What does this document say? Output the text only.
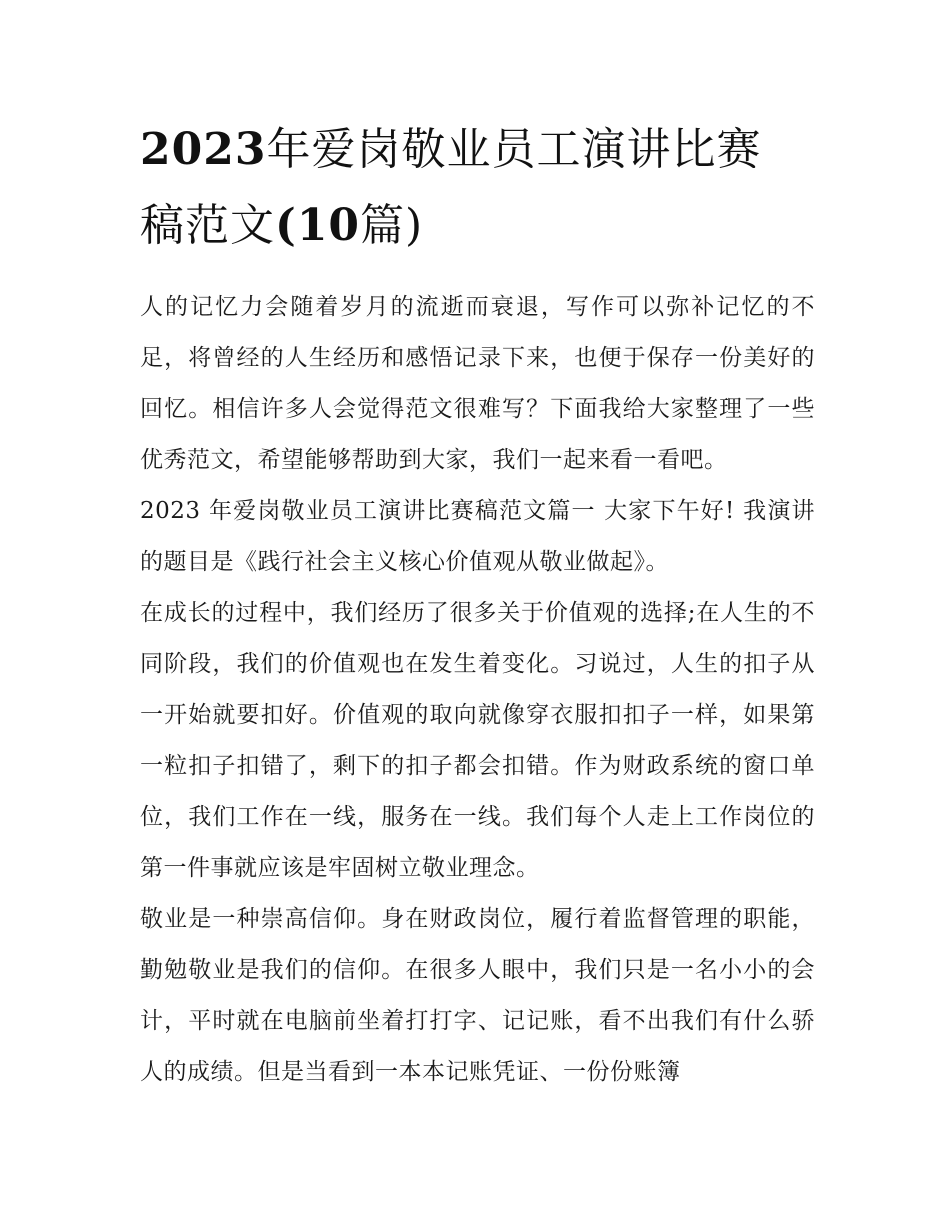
2023年爱岗敬业员工演讲比赛
稿范文(10篇)

人的记忆力会随着岁月的流逝而衰退，写作可以弥补记忆的不足，将曾经的人生经历和感悟记录下来，也便于保存一份美好的回忆。相信许多人会觉得范文很难写？下面我给大家整理了一些优秀范文，希望能够帮助到大家，我们一起来看一看吧。

2023 年爱岗敬业员工演讲比赛稿范文篇一 大家下午好! 我演讲的题目是《践行社会主义核心价值观从敬业做起》。

在成长的过程中，我们经历了很多关于价值观的选择;在人生的不同阶段，我们的价值观也在发生着变化。习说过，人生的扣子从一开始就要扣好。价值观的取向就像穿衣服扣扣子一样，如果第一粒扣子扣错了，剩下的扣子都会扣错。作为财政系统的窗口单位，我们工作在一线，服务在一线。我们每个人走上工作岗位的第一件事就应该是牢固树立敬业理念。

敬业是一种崇高信仰。身在财政岗位，履行着监督管理的职能，勤勉敬业是我们的信仰。在很多人眼中，我们只是一名小小的会计，平时就在电脑前坐着打打字、记记账，看不出我们有什么骄人的成绩。但是当看到一本本记账凭证、一份份账簿
